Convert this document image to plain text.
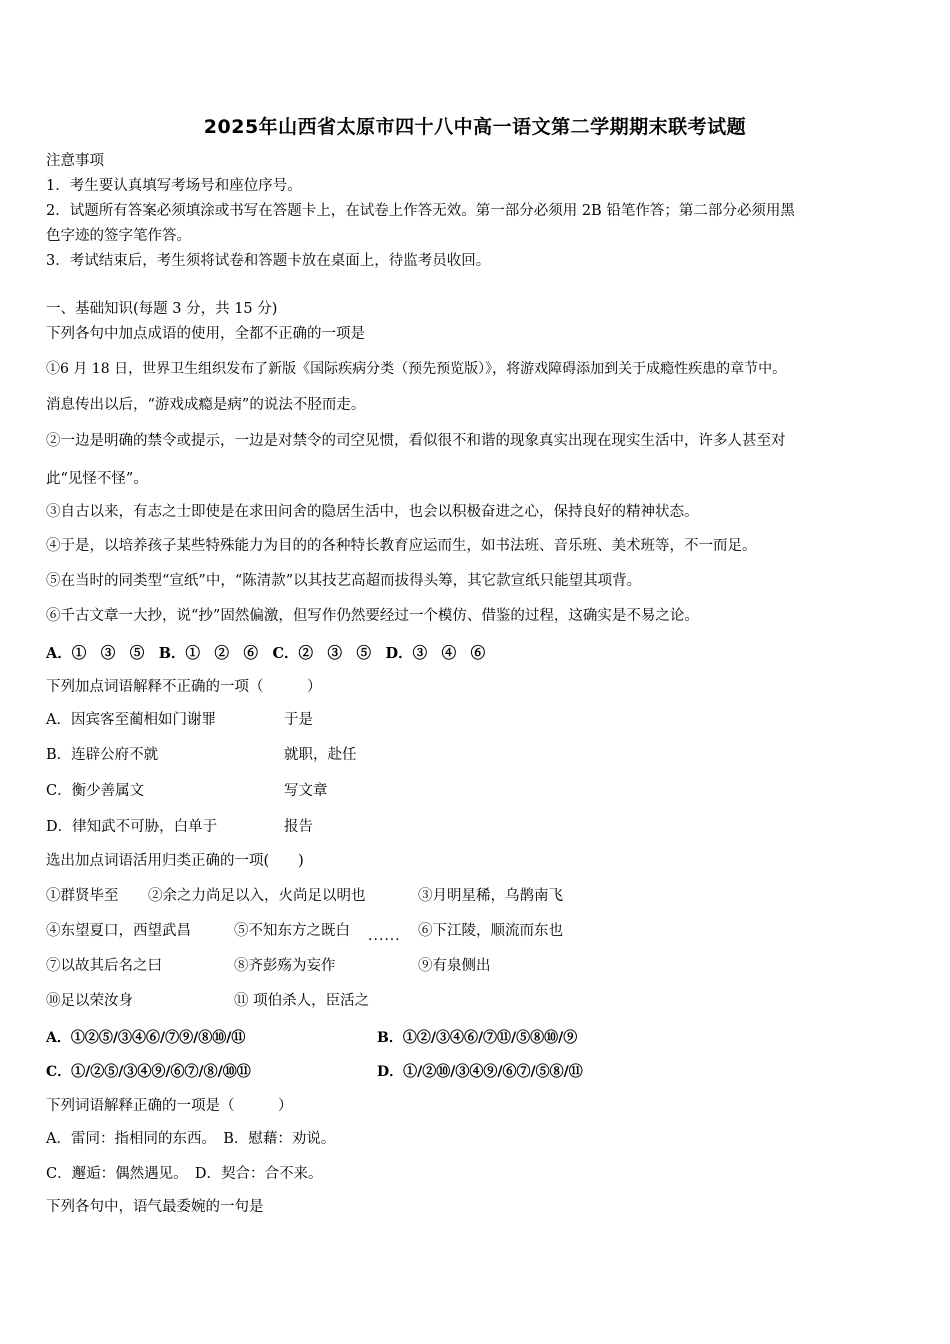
2025年山西省太原市四十八中高一语文第二学期期末联考试题
注意事项
1．考生要认真填写考场号和座位序号。
2．试题所有答案必须填涂或书写在答题卡上，在试卷上作答无效。第一部分必须用 2B 铅笔作答；第二部分必须用黑
色字迹的签字笔作答。
3．考试结束后，考生须将试卷和答题卡放在桌面上，待监考员收回。
一、基础知识(每题 3 分，共 15 分)
下列各句中加点成语的使用，全都不正确的一项是
①6 月 18 日，世界卫生组织发布了新版《国际疾病分类（预先预览版）》，将游戏障碍添加到关于成瘾性疾患的章节中。
消息传出以后，“游戏成瘾是病”的说法不胫而走。
②一边是明确的禁令或提示，一边是对禁令的司空见惯，看似很不和谐的现象真实出现在现实生活中，许多人甚至对
此“见怪不怪”。
③自古以来，有志之士即使是在求田问舍的隐居生活中，也会以积极奋进之心，保持良好的精神状态。
④于是，以培养孩子某些特殊能力为目的的各种特长教育应运而生，如书法班、音乐班、美术班等，不一而足。
⑤在当时的同类型“宣纸”中，“陈清款”以其技艺高超而拔得头筹，其它款宣纸只能望其项背。
⑥千古文章一大抄，说“抄”固然偏激，但写作仍然要经过一个模仿、借鉴的过程，这确实是不易之论。
A．①　③　⑤　B．①　②　⑥　C．②　③　⑤　D．③　④　⑥
下列加点词语解释不正确的一项（　　　）
A．因宾客至蔺相如门谢罪	于是
B．连辟公府不就	就职，赴任
C．衡少善属文	写文章
D．律知武不可胁，白单于	报告
选出加点词语活用归类正确的一项(　　)
①群贤毕至 ②余之力尚足以入，火尚足以明也	③月明星稀，乌鹊南飞
④东望夏口，西望武昌	⑤不知东方之既白 ...... ⑥下江陵，顺流而东也
⑦以故其后名之曰	⑧齐彭殇为妄作	⑨有泉侧出
⑩足以荣汝身	⑪ 项伯杀人，臣活之
A．①②⑤/③④⑥/⑦⑨/⑧⑩/⑪	B．①②/③④⑥/⑦⑪/⑤⑧⑩/⑨
C．①/②⑤/③④⑨/⑥⑦/⑧/⑩⑪	D．①/②⑩/③④⑨/⑥⑦/⑤⑧/⑪
下列词语解释正确的一项是（　　　）
A．雷同：指相同的东西。　B．慰藉：劝说。
C．邂逅：偶然遇见。　D．契合：合不来。
下列各句中，语气最委婉的一句是
